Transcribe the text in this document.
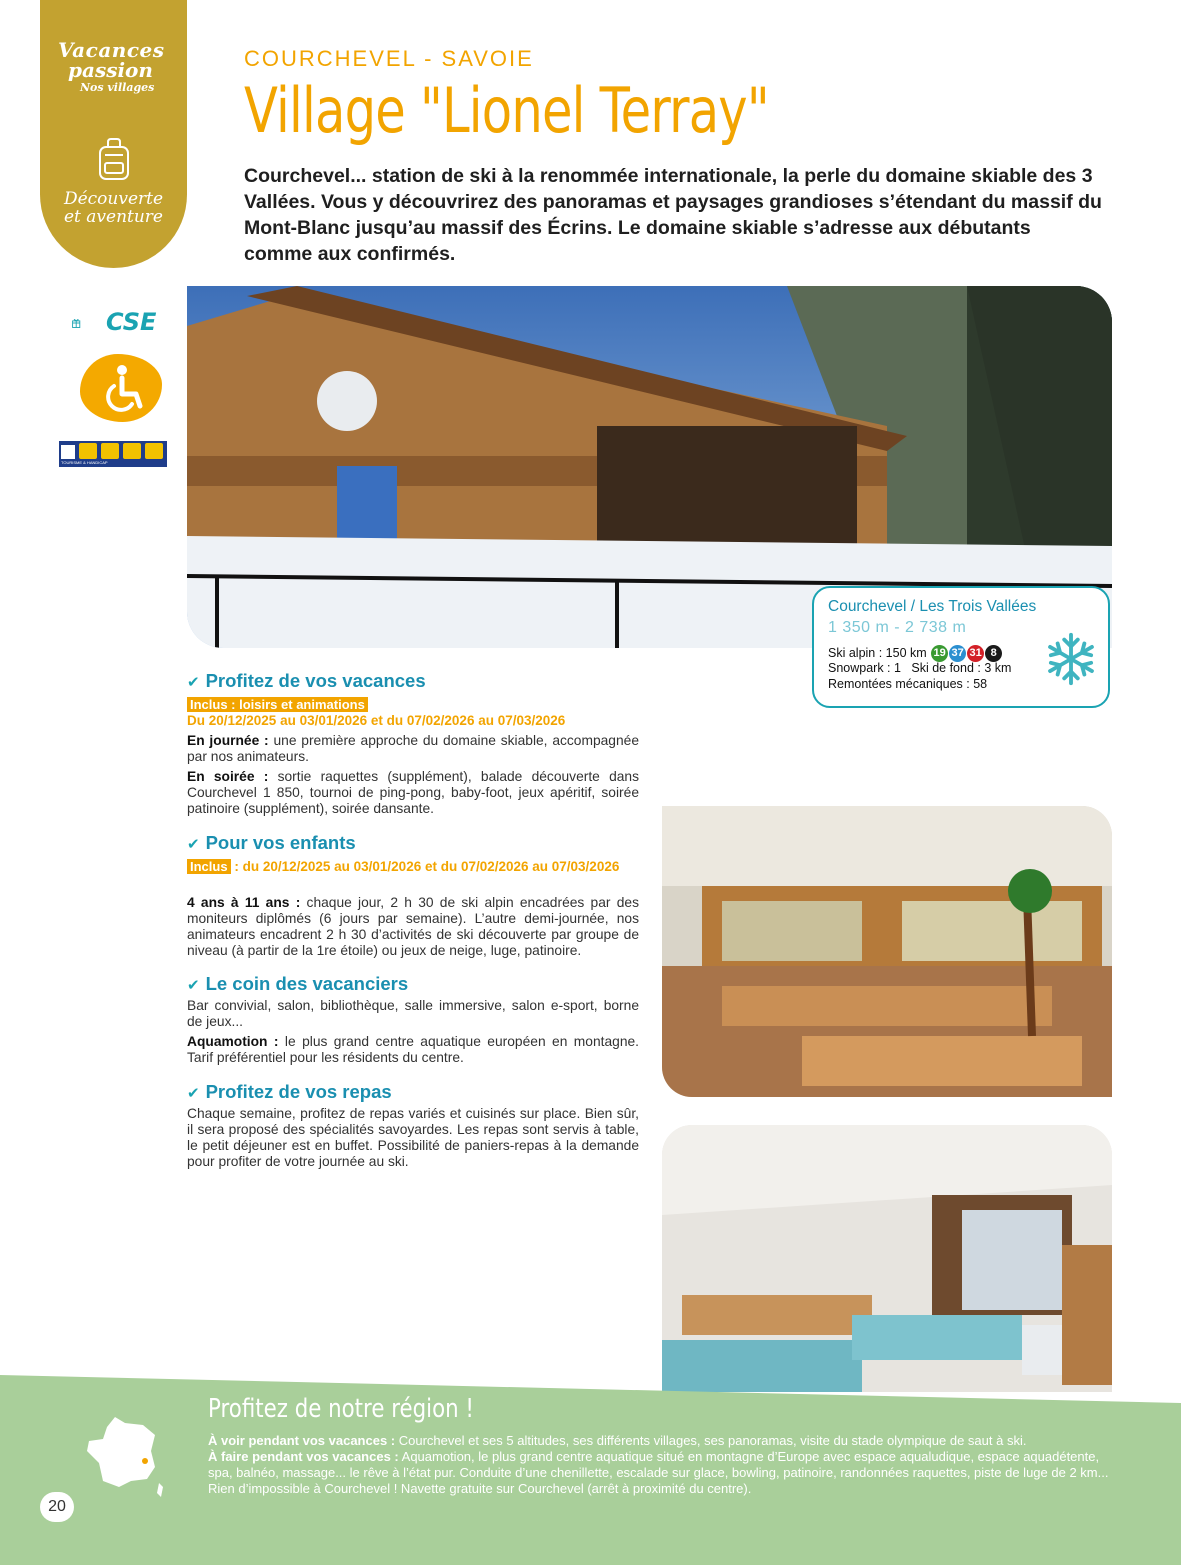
Vacances
passion
Nos villages
Découverte
et aventure
CSE
TOURISME & HANDICAP
COURCHEVEL - SAVOIE
Village "Lionel Terray"
Courchevel... station de ski à la renommée internationale, la perle du domaine skiable des 3 Vallées. Vous y découvrirez des panoramas et paysages grandioses s’étendant du massif du Mont-Blanc jusqu’au massif des Écrins. Le domaine skiable s’adresse aux débutants comme aux confirmés.
Courchevel / Les Trois Vallées
1 350 m - 2 738 m
Ski alpin : 150 km 19 37 31 8
Snowpark : 1   Ski de fond : 3 km
Remontées mécaniques : 58
✔ Profitez de vos vacances
Inclus : loisirs et animations
Du 20/12/2025 au 03/01/2026 et du 07/02/2026 au 07/03/2026
En journée : une première approche du domaine skiable, accompagnée par nos animateurs.
En soirée : sortie raquettes (supplément), balade découverte dans Courchevel 1 850, tournoi de ping-pong, baby-foot, jeux apéritif, soirée patinoire (supplément), soirée dansante.
✔ Pour vos enfants
Inclus : du 20/12/2025 au 03/01/2026 et du 07/02/2026 au 07/03/2026
4 ans à 11 ans : chaque jour, 2 h 30 de ski alpin encadrées par des moniteurs diplômés (6 jours par semaine). L’autre demi-journée, nos animateurs encadrent 2 h 30 d’activités de ski découverte par groupe de niveau (à partir de la 1re étoile) ou jeux de neige, luge, patinoire.
✔ Le coin des vacanciers
Bar convivial, salon, bibliothèque, salle immersive, salon e-sport, borne de jeux...
Aquamotion : le plus grand centre aquatique européen en montagne. Tarif préférentiel pour les résidents du centre.
✔ Profitez de vos repas
Chaque semaine, profitez de repas variés et cuisinés sur place. Bien sûr, il sera proposé des spécialités savoyardes. Les repas sont servis à table, le petit déjeuner est en buffet. Possibilité de paniers-repas à la demande pour profiter de votre journée au ski.
Profitez de notre région !
À voir pendant vos vacances : Courchevel et ses 5 altitudes, ses différents villages, ses panoramas, visite du stade olympique de saut à ski.
À faire pendant vos vacances : Aquamotion, le plus grand centre aquatique situé en montagne d’Europe avec espace aqualudique, espace aquadétente, spa, balnéo, massage... le rêve à l’état pur. Conduite d’une chenillette, escalade sur glace, bowling, patinoire, randonnées raquettes, piste de luge de 2 km... Rien d’impossible à Courchevel ! Navette gratuite sur Courchevel (arrêt à proximité du centre).
20
